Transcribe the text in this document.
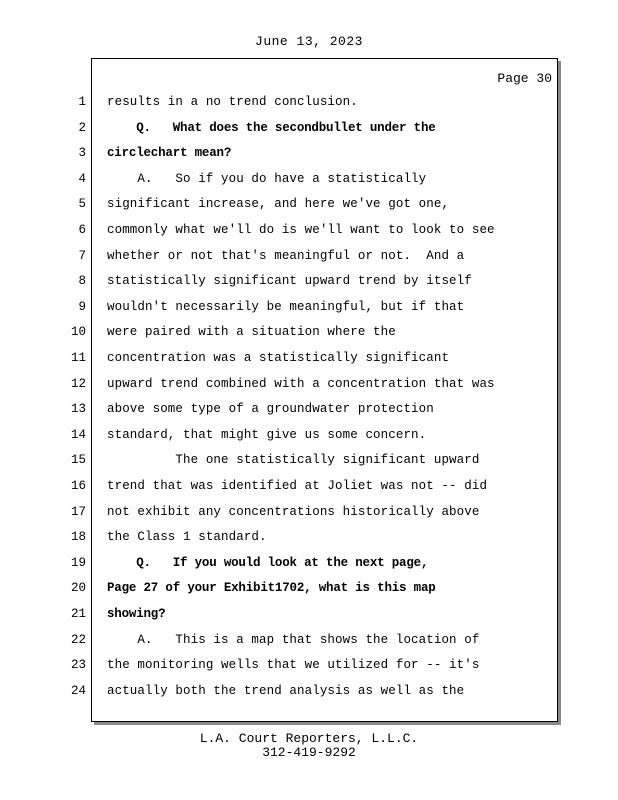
June 13, 2023
Page 30
1 results in a no trend conclusion.
2 Q.   What does the secondbullet under the
3 circlechart mean?
4 A.   So if you do have a statistically
5 significant increase, and here we've got one,
6 commonly what we'll do is we'll want to look to see
7 whether or not that's meaningful or not.  And a
8 statistically significant upward trend by itself
9 wouldn't necessarily be meaningful, but if that
10 were paired with a situation where the
11 concentration was a statistically significant
12 upward trend combined with a concentration that was
13 above some type of a groundwater protection
14 standard, that might give us some concern.
15 The one statistically significant upward
16 trend that was identified at Joliet was not -- did
17 not exhibit any concentrations historically above
18 the Class 1 standard.
19 Q.   If you would look at the next page,
20 Page 27 of your Exhibit1702, what is this map
21 showing?
22 A.   This is a map that shows the location of
23 the monitoring wells that we utilized for -- it's
24 actually both the trend analysis as well as the
L.A. Court Reporters, L.L.C.
312-419-9292
